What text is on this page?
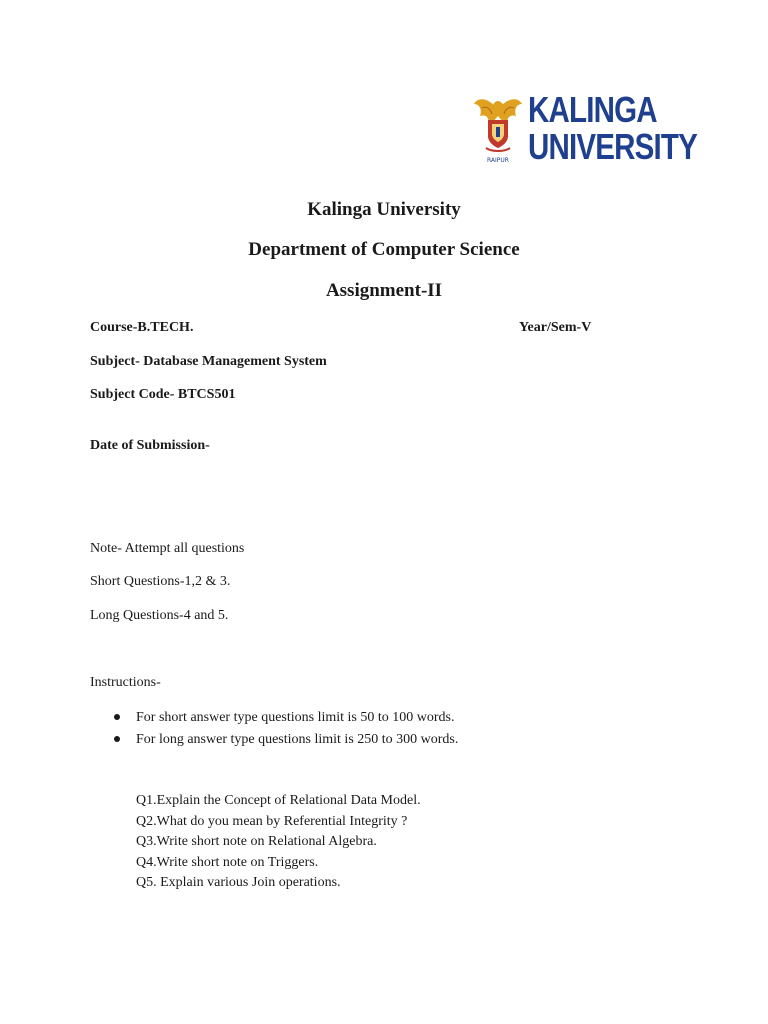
RAIPUR
KALINGA
UNIVERSITY
Kalinga University
Department of Computer Science
Assignment-II

Course-B.TECH.	Year/Sem-V

Subject- Database Management System

Subject Code- BTCS501

Date of Submission-

Note- Attempt all questions

Short Questions-1,2 & 3.

Long Questions-4 and 5.

Instructions-

For short answer type questions limit is 50 to 100 words.
For long answer type questions limit is 250 to 300 words.
Q1.Explain the Concept of Relational Data Model.
Q2.What do you mean by Referential Integrity ?
Q3.Write short note on Relational Algebra.
Q4.Write short note on Triggers.
Q5. Explain various Join operations.
